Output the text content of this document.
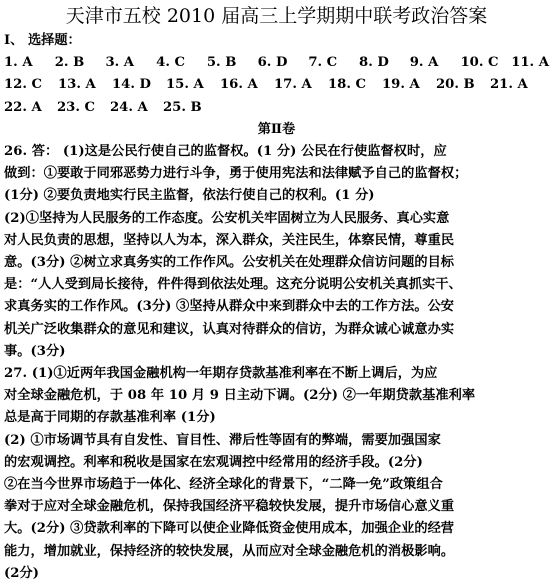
天津市五校 2010 届高三上学期期中联考政治答案
Ⅰ、 选择题：
1. A	2. B	3. A	4. C	5. B	6. D	7. C	8. D	9. A	10. C 11. A
12. C	13. A	14. D	15. A	16. A	17. A	18. C	19. A	20. B	21. A
22. A	23. C	24. A	25. B
第Ⅱ卷
26. 答： (1)这是公民行使自己的监督权。(1 分) 公民在行使监督权时，应
做到：①要敢于同邪恶势力进行斗争，勇于使用宪法和法律赋予自己的监督权；
(1分) ②要负责地实行民主监督，依法行使自己的权利。(1 分)
(2)①坚持为人民服务的工作态度。公安机关牢固树立为人民服务、真心实意
对人民负责的思想，坚持以人为本，深入群众，关注民生，体察民情，尊重民
意。(3分) ②树立求真务实的工作作风。公安机关在处理群众信访问题的目标
是：“人人受到局长接待，件件得到依法处理。这充分说明公安机关真抓实干、
求真务实的工作作风。(3分) ③坚持从群众中来到群众中去的工作方法。公安
机关广泛收集群众的意见和建议，认真对待群众的信访，为群众诚心诚意办实
事。(3分)
27. (1)①近两年我国金融机构一年期存贷款基准利率在不断上调后，为应
对全球金融危机，于 08 年 10 月 9 日主动下调。(2分) ②一年期贷款基准利率
总是高于同期的存款基准利率 (1分)
(2) ①市场调节具有自发性、盲目性、滞后性等固有的弊端，需要加强国家
的宏观调控。利率和税收是国家在宏观调控中经常用的经济手段。(2分)
②在当今世界市场趋于一体化、经济全球化的背景下，“二降一免”政策组合
拳对于应对全球金融危机，保持我国经济平稳较快发展，提升市场信心意义重
大。(2分) ③贷款利率的下降可以使企业降低资金使用成本，加强企业的经营
能力，增加就业，保持经济的较快发展，从而应对全球金融危机的消极影响。
(2分)
